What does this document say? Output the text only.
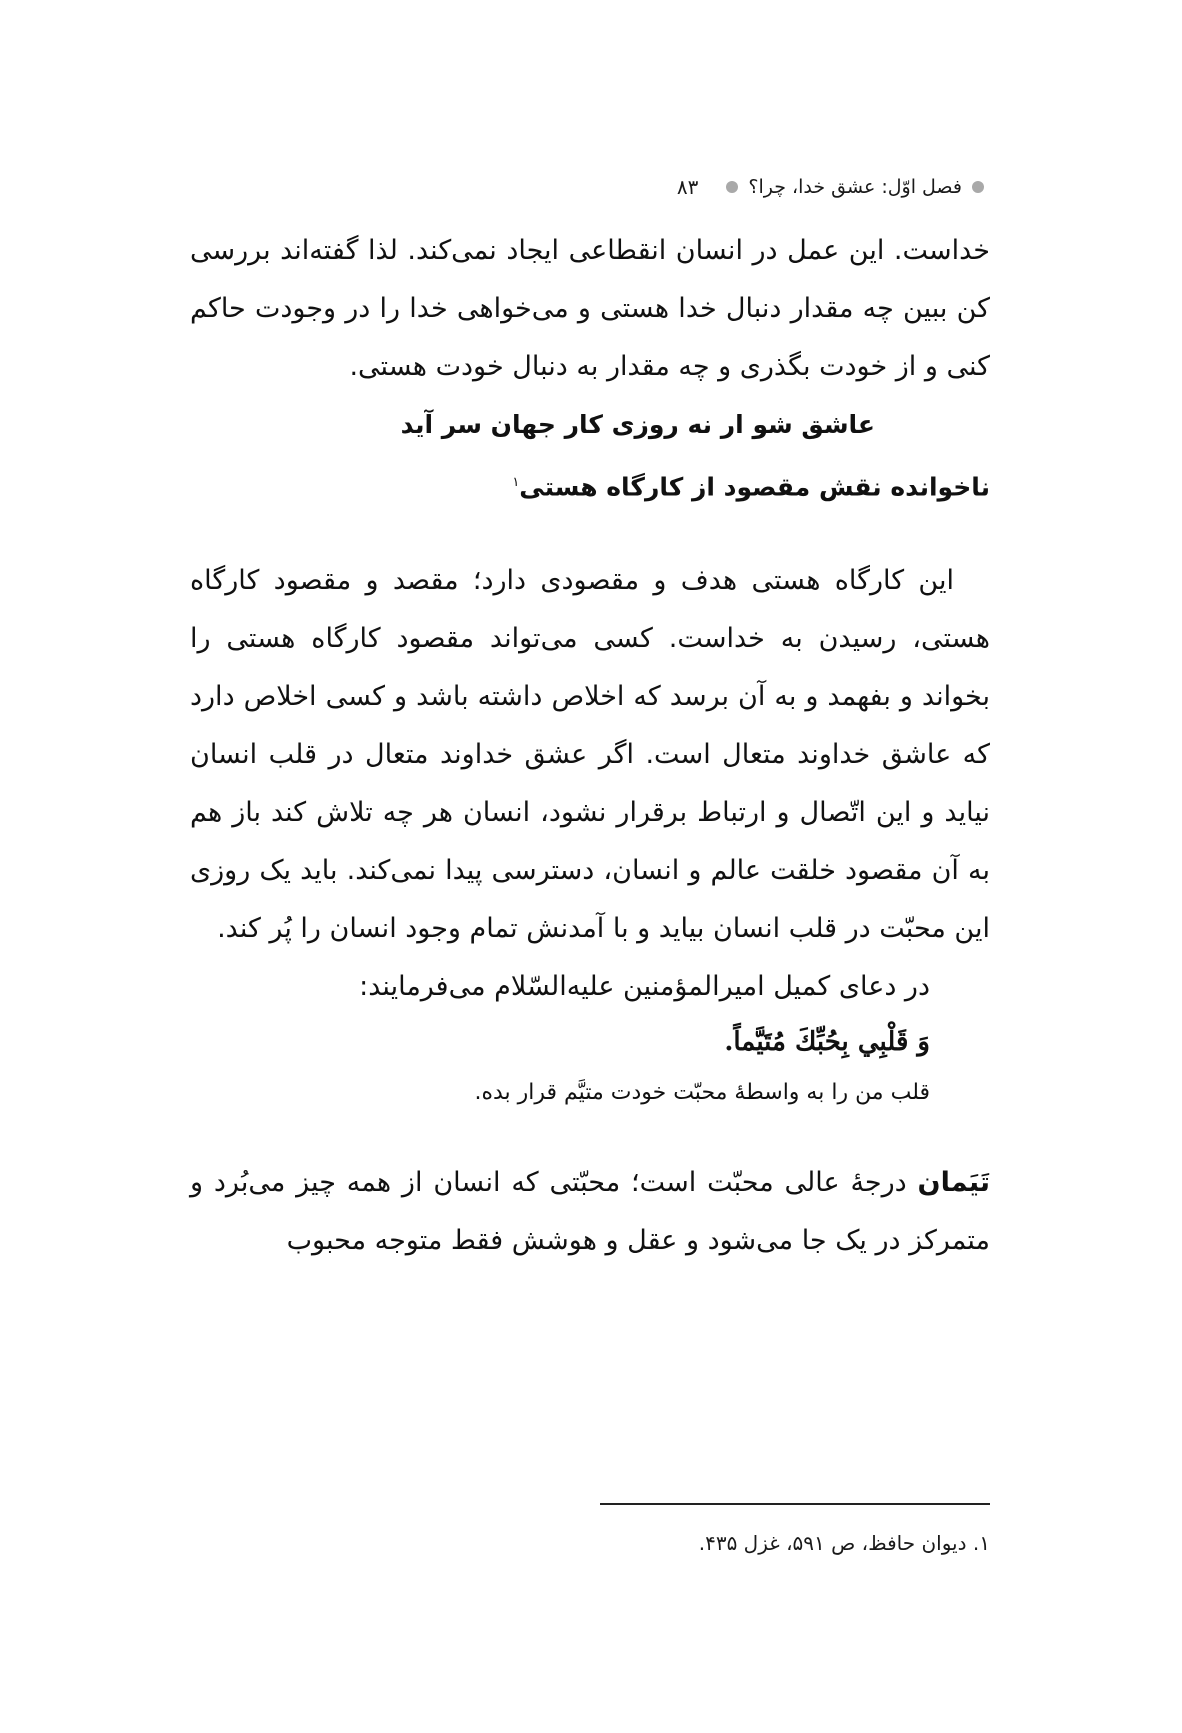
فصل اوّل: عشق خدا، چرا؟
۸۳

خداست. این عمل در انسان انقطاعی ایجاد نمی‌کند. لذا گفته‌اند بررسی کن ببین چه مقدار دنبال خدا هستی و می‌خواهی خدا را در وجودت حاکم کنی و از خودت بگذری و چه مقدار به دنبال خودت هستی.

عاشق شو ار نه روزی کار جهان سر آید
ناخوانده نقش مقصود از کارگاه هستی$^۱$

این کارگاه هستی هدف و مقصودی دارد؛ مقصد و مقصود کارگاه هستی، رسیدن به خداست. کسی می‌تواند مقصود کارگاه هستی را بخواند و بفهمد و به آن برسد که اخلاص داشته باشد و کسی اخلاص دارد که عاشق خداوند متعال است. اگر عشق خداوند متعال در قلب انسان نیاید و این اتّصال و ارتباط برقرار نشود، انسان هر چه تلاش کند باز هم به آن مقصود خلقت عالم و انسان، دسترسی پیدا نمی‌کند. باید یک روزی این محبّت در قلب انسان بیاید و با آمدنش تمام وجود انسان را پُر کند.

در دعای کمیل امیرالمؤمنین علیه‌السّلام می‌فرمایند:
وَ قَلْبِي بِحُبِّكَ مُتَيَّماً.
قلب من را به واسطهٔ محبّت خودت متیَّم قرار بده.

تَیَمان درجهٔ عالی محبّت است؛ محبّتی که انسان از همه چیز می‌بُرد و متمرکز در یک جا می‌شود و عقل و هوشش فقط متوجه محبوب

۱. دیوان حافظ، ص ۵۹۱، غزل ۴۳۵.
